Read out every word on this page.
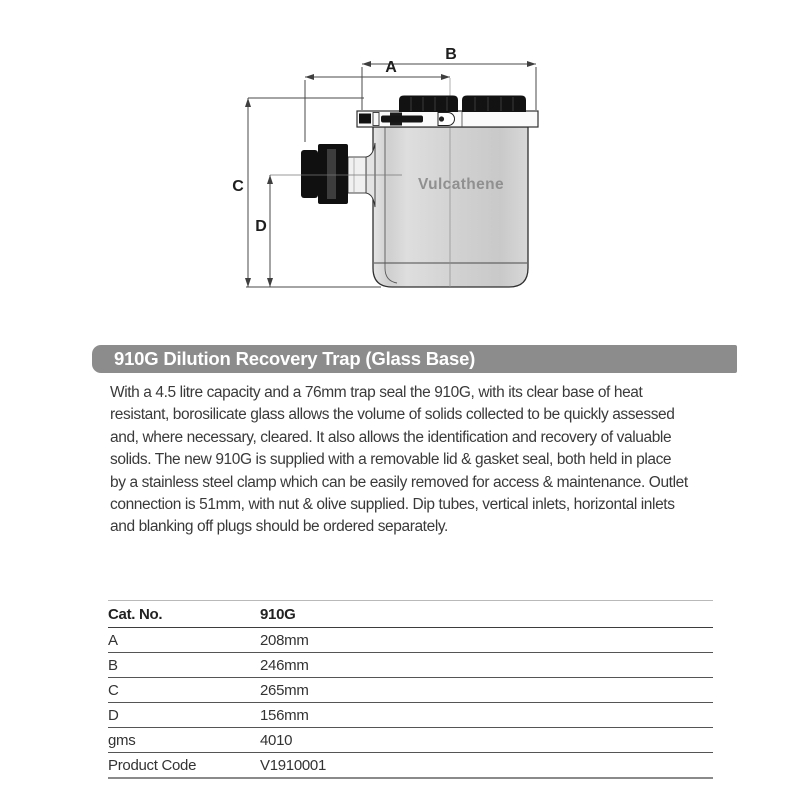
Vulcathene
B
A
C
D
910G Dilution Recovery Trap (Glass Base)
With a 4.5 litre capacity and a 76mm trap seal the 910G, with its clear base of heat
resistant, borosilicate glass allows the volume of solids collected to be quickly assessed
and, where necessary, cleared. It also allows the identification and recovery of valuable
solids. The new 910G is supplied with a removable lid & gasket seal, both held in place
by a stainless steel clamp which can be easily removed for access & maintenance. Outlet
connection is 51mm, with nut & olive supplied. Dip tubes, vertical inlets, horizontal inlets
and blanking off plugs should be ordered separately.
Cat. No.	910G
A	208mm
B	246mm
C	265mm
D	156mm
gms	4010
Product Code	V1910001
